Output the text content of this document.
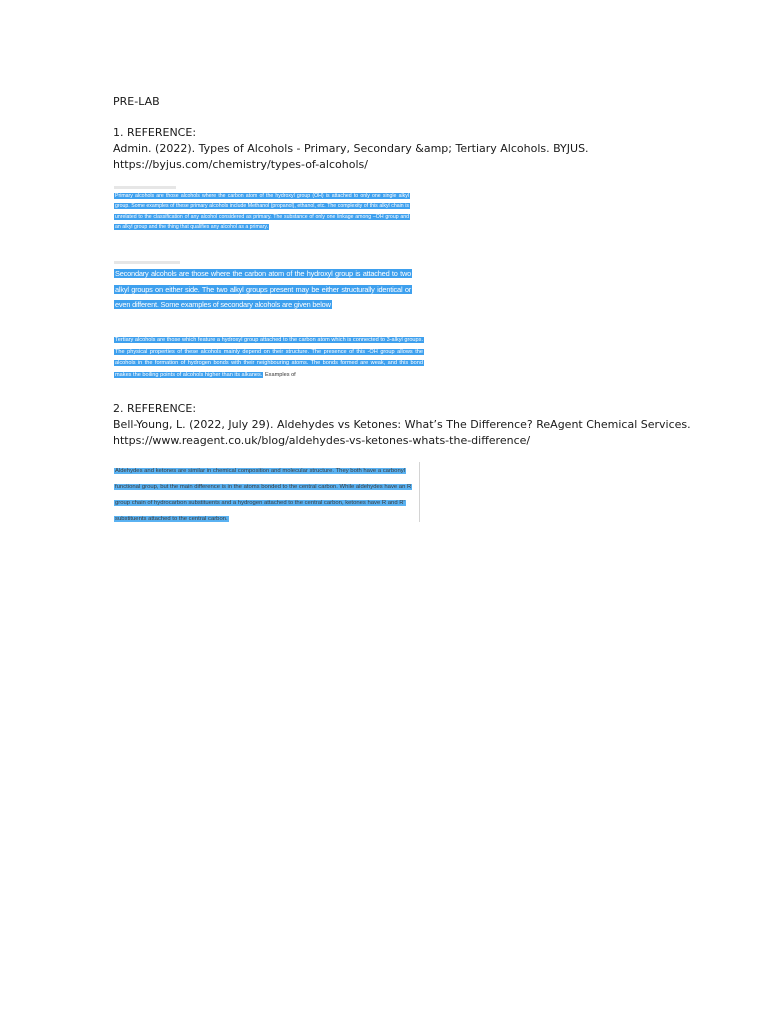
PRE-LAB
1. REFERENCE:
Admin. (2022). Types of Alcohols - Primary, Secondary &amp; Tertiary Alcohols. BYJUS.
https://byjus.com/chemistry/types-of-alcohols/
Primary alcohols are those alcohols where the carbon atom of the hydroxyl group (OH) is attached to only one single alkyl group. Some examples of these primary alcohols include Methanol (propanol), ethanol, etc. The complexity of this alkyl chain is unrelated to the classification of any alcohol considered as primary. The substance of only one linkage among –OH group and an alkyl group and the thing that qualifies any alcohol as a primary.
Secondary alcohols are those where the carbon atom of the hydroxyl group is attached to two alkyl groups on either side. The two alkyl groups present may be either structurally identical or even different. Some examples of secondary alcohols are given below
Tertiary alcohols are those which feature a hydroxyl group attached to the carbon atom which is connected to 3-alkyl groups. The physical properties of these alcohols mainly depend on their structure. The presence of this -OH group allows the alcohols in the formation of hydrogen bonds with their neighbouring atoms. The bonds formed are weak, and this bond makes the boiling points of alcohols higher than its alkanes. Examples of
2. REFERENCE:
Bell-Young, L. (2022, July 29). Aldehydes vs Ketones: What’s The Difference? ReAgent Chemical Services.
https://www.reagent.co.uk/blog/aldehydes-vs-ketones-whats-the-difference/
Aldehydes and ketones are similar in chemical composition and molecular structure. They both have a carbonyl functional group, but the main difference is in the atoms bonded to the central carbon. While aldehydes have an R group chain of hydrocarbon substituents and a hydrogen attached to the central carbon, ketones have R and R' substituents attached to the central carbon.
